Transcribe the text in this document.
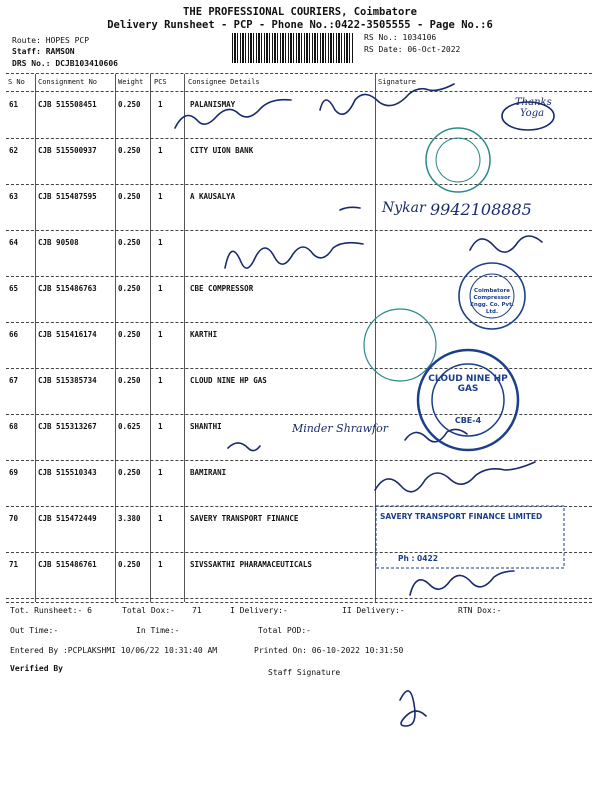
THE PROFESSIONAL COURIERS, Coimbatore
Delivery Runsheet - PCP - Phone No.:0422-3505555 - Page No.:6
Route: HOPES PCP
Staff: RAMSON
DRS No.: DCJB103410606
RS No.: 1034106
RS Date: 06-Oct-2022
S No Consignment No	Weight PCS	Consignee Details	Signature
61	CJB 515508451	0.250 1	PALANISMAY
62	CJB 515500937	0.250 1	CITY UION BANK
63	CJB 515487595	0.250 1	A KAUSALYA
64	CJB 90508	0.250 1
65	CJB 515486763	0.250 1	CBE COMPRESSOR
66	CJB 515416174	0.250 1	KARTHI
67	CJB 515385734	0.250 1	CLOUD NINE HP GAS
68	CJB 515313267	0.625 1	SHANTHI
69	CJB 515510343	0.250 1	BAMIRANI
70	CJB 515472449	3.380 1	SAVERY TRANSPORT FINANCE
71	CJB 515486761	0.250 1	SIVSSAKTHI PHARAMACEUTICALS
Tot. Runsheet:- 6	Total Dox:- 71	I Delivery:-	II Delivery:-	RTN Dox:-
Out Time:-	In Time:-	Total POD:-
Entered By :PCPLAKSHMI 10/06/22 10:31:40 AM	Printed On: 06-10-2022 10:31:50
Verified By	Staff Signature
Thanks Yoga
Nykar 9942108885
Minder Shrawfor
CLOUD NINE HP GAS
CBE-4
Coimbatore Compressor Engg. Co. Pvt. Ltd.
SAVERY TRANSPORT FINANCE LIMITED
Ph : 0422
